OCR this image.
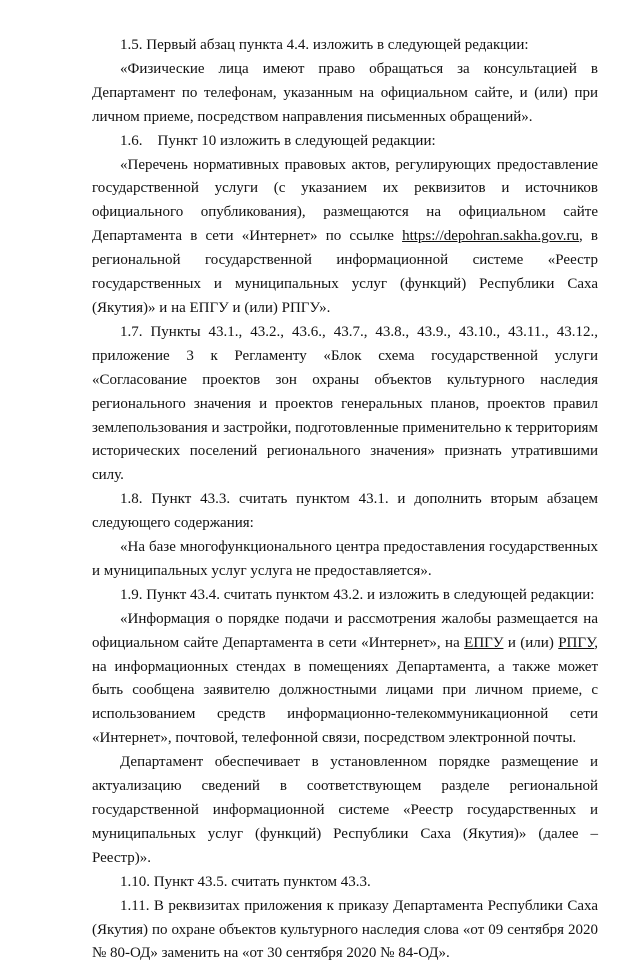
1.5. Первый абзац пункта 4.4. изложить в следующей редакции:

«Физические лица имеют право обращаться за консультацией в Департамент по телефонам, указанным на официальном сайте, и (или) при личном приеме, посредством направления письменных обращений».

1.6.    Пункт 10 изложить в следующей редакции:

«Перечень нормативных правовых актов, регулирующих предоставление государственной услуги (с указанием их реквизитов и источников официального опубликования), размещаются на официальном сайте Департамента в сети «Интернет» по ссылке https://depohran.sakha.gov.ru, в региональной государственной информационной системе «Реестр государственных и муниципальных услуг (функций) Республики Саха (Якутия)» и на ЕПГУ и (или) РПГУ».

1.7. Пункты 43.1., 43.2., 43.6., 43.7., 43.8., 43.9., 43.10., 43.11., 43.12., приложение 3 к Регламенту «Блок схема государственной услуги «Согласование проектов зон охраны объектов культурного наследия регионального значения и проектов генеральных планов, проектов правил землепользования и застройки, подготовленные применительно к территориям исторических поселений регионального значения» признать утратившими силу.

1.8. Пункт 43.3. считать пунктом 43.1. и дополнить вторым абзацем следующего содержания:

«На базе многофункционального центра предоставления государственных и муниципальных услуг услуга не предоставляется».

1.9. Пункт 43.4. считать пунктом 43.2. и изложить в следующей редакции:

«Информация о порядке подачи и рассмотрения жалобы размещается на официальном сайте Департамента в сети «Интернет», на ЕПГУ и (или) РПГУ, на информационных стендах в помещениях Департамента, а также может быть сообщена заявителю должностными лицами при личном приеме, с использованием средств информационно-телекоммуникационной сети «Интернет», почтовой, телефонной связи, посредством электронной почты.

Департамент обеспечивает в установленном порядке размещение и актуализацию сведений в соответствующем разделе региональной государственной информационной системе «Реестр государственных и муниципальных услуг (функций) Республики Саха (Якутия)» (далее – Реестр)».

1.10. Пункт 43.5. считать пунктом 43.3.

1.11. В реквизитах приложения к приказу Департамента Республики Саха (Якутия) по охране объектов культурного наследия слова «от 09 сентября 2020 № 80-ОД» заменить на «от 30 сентября 2020 № 84-ОД».
